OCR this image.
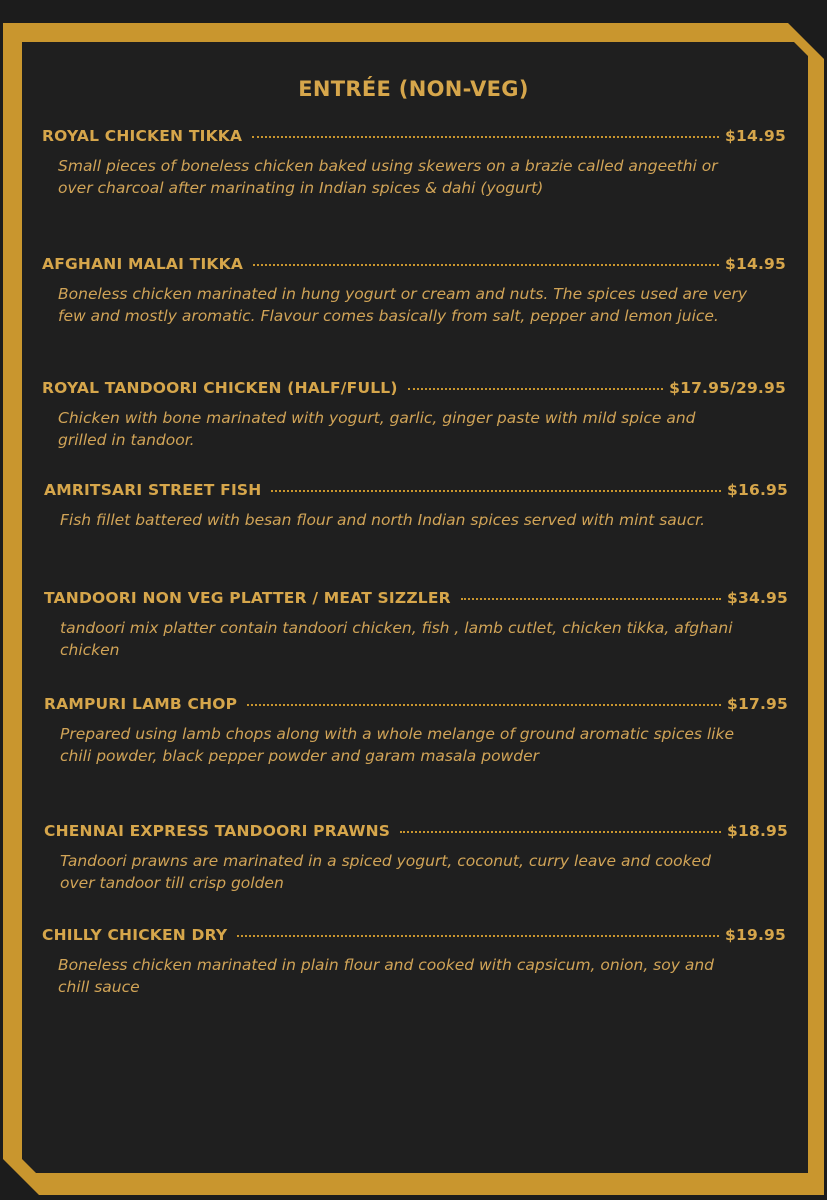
ENTRÉE (NON-VEG)
ROYAL CHICKEN TIKKA	$14.95
Small pieces of boneless chicken baked using skewers on a brazie called angeethi or over charcoal after marinating in Indian spices & dahi (yogurt)
AFGHANI MALAI TIKKA	$14.95
Boneless chicken marinated in hung yogurt or cream and nuts. The spices used are very few and mostly aromatic. Flavour comes basically from salt, pepper and lemon juice.
ROYAL TANDOORI CHICKEN (HALF/FULL)	$17.95/29.95
Chicken with bone marinated with yogurt, garlic, ginger paste with mild spice and grilled in tandoor.
AMRITSARI STREET FISH	$16.95
Fish fillet battered with besan flour and north Indian spices served with mint saucr.
TANDOORI NON VEG PLATTER / MEAT SIZZLER	$34.95
tandoori mix platter contain tandoori chicken, fish , lamb cutlet, chicken tikka, afghani chicken
RAMPURI LAMB CHOP	$17.95
Prepared using lamb chops along with a whole melange of ground aromatic spices like chili powder, black pepper powder and garam masala powder
CHENNAI EXPRESS TANDOORI PRAWNS	$18.95
Tandoori prawns are marinated in a spiced yogurt, coconut, curry leave and cooked over tandoor till crisp golden
CHILLY CHICKEN DRY	$19.95
Boneless chicken marinated in plain flour and cooked with capsicum, onion, soy and chill sauce
